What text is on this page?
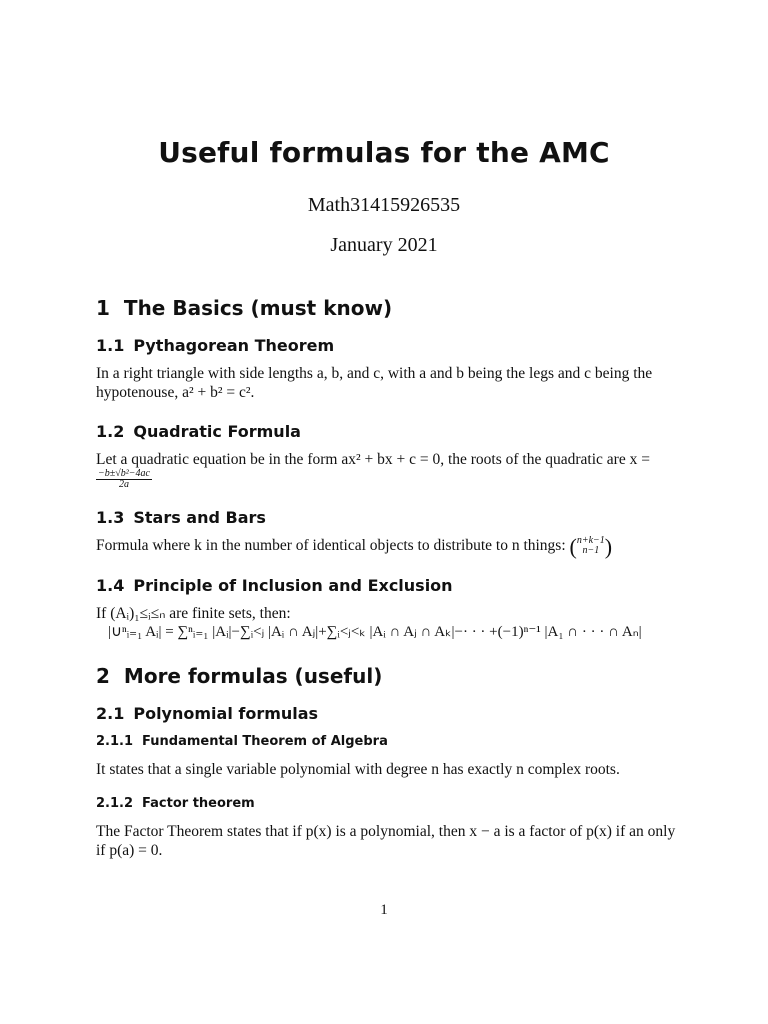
Useful formulas for the AMC
Math31415926535
January 2021
1 The Basics (must know)
1.1 Pythagorean Theorem
In a right triangle with side lengths a, b, and c, with a and b being the legs and c being the hypotenouse, a² + b² = c².
1.2 Quadratic Formula
Let a quadratic equation be in the form ax² + bx + c = 0, the roots of the quadratic are x =
$\frac{\text{−b±√b²−4ac}}{2a}$
1.3 Stars and Bars
Formula where k in the number of identical objects to distribute to n things: ( n+k−1
n−1 )
1.4 Principle of Inclusion and Exclusion
If (Aᵢ)₁≤ᵢ≤ₙ are finite sets, then:
|∪ⁿᵢ₌₁ Aᵢ| = ∑ⁿᵢ₌₁ |Aᵢ|−∑ᵢ<ⱼ |Aᵢ ∩ Aⱼ|+∑ᵢ<ⱼ<ₖ |Aᵢ ∩ Aⱼ ∩ Aₖ|−· · · +(−1)ⁿ⁻¹ |A₁ ∩ · · · ∩ Aₙ|
2 More formulas (useful)
2.1 Polynomial formulas
2.1.1 Fundamental Theorem of Algebra
It states that a single variable polynomial with degree n has exactly n complex roots.
2.1.2 Factor theorem
The Factor Theorem states that if p(x) is a polynomial, then x − a is a factor of p(x) if an only if p(a) = 0.
1
